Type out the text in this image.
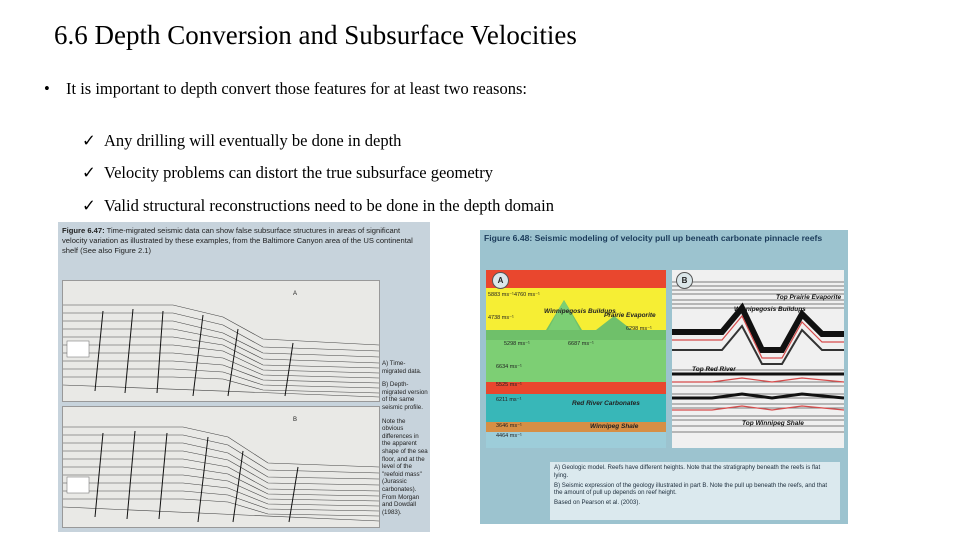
6.6 Depth Conversion and Subsurface Velocities
• It is important to depth convert those features for at least two reasons:
✓ Any drilling will eventually be done in depth
✓ Velocity problems can distort the true subsurface geometry
✓ Valid structural reconstructions need to be done in the depth domain
Figure 6.47: Time-migrated seismic data can show false subsurface structures in areas of significant velocity variation as illustrated by these examples, from the Baltimore Canyon area of the US continental shelf (See also Figure 2.1)
A
B

A) Time-migrated data.

B) Depth-migrated version of the same seismic profile.

Note the obvious differences in the apparent shape of the sea floor, and at the level of the "reefoid mass" (Jurassic carbonates). From Morgan and Dowdall (1983).

Figure 6.48: Seismic modeling of velocity pull up beneath carbonate pinnacle reefs
A
5883 ms⁻¹ 4760 ms⁻¹
4738 ms⁻¹
Winnipegosis Buildups
Prairie Evaporite
5298 ms⁻¹	6687 ms⁻¹
6298 ms⁻¹
6634 ms⁻¹
5525 ms⁻¹
6211 ms⁻¹	Red River Carbonates
3646 ms⁻¹	Winnipeg Shale
4464 ms⁻¹
B
Top Prairie Evaporite
Winnipegosis Buildups
Top Red River
Top Winnipeg Shale

A) Geologic model. Reefs have different heights. Note that the stratigraphy beneath the reefs is flat lying.

B) Seismic expression of the geology illustrated in part B. Note the pull up beneath the reefs, and that the amount of pull up depends on reef height.

Based on Pearson et al. (2003).
